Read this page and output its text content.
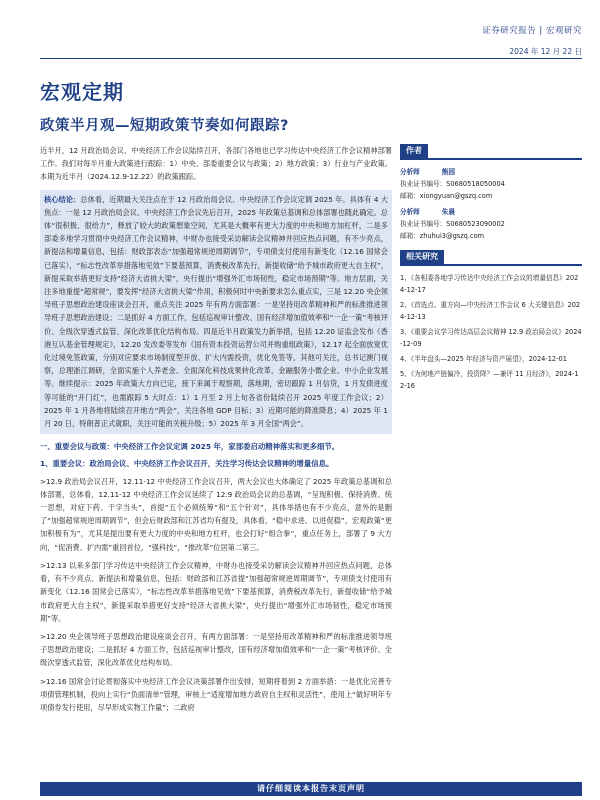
证券研究报告 | 宏观研究
2024 年 12 月 22 日
宏观定期
政策半月观—短期政策节奏如何跟踪?

近半月，12 月政治局会议、中央经济工作会议陆续召开，各部门各地也已学习传达中央经济工作会议精神部署工作。我们对每半月重大政策进行跟踪：1）中央、部委重要会议与政策；2）地方政策；3）行业与产业政策。本期为近半月（2024.12.9-12.22）的政策跟踪。

核心结论：总体看，近期最大关注点在于 12 月政治局会议、中央经济工作会议定调 2025 年。具体有 4 大焦点：一是 12 月政治局会议、中央经济工作会议先后召开，2025 年政策总基调和总体部署也随此确定。总体“很积极、很给力”，释放了较大的政策想象空间，尤其是大概率有更大力度的中央和地方加杠杆，二是多部委多地学习贯彻中央经济工作会议精神，中财办也接受采访解读会议精神并回应热点问题，有不少亮点，新提法和增量信息，包括：财政部表态“加强超常规逆周期调节”，专项债支付使用有新变化（12.16 国常会已落实），“标志性改革举措落地见效”下要基预算，消费税改革先行，新提收储“给予城市政府更大自主权”，新提采取举措更好支持“经济大省挑大梁”，央行提出“增强外汇市场韧性，稳定市场预期”等。地方层面，关注多地重提“超常规”，要发挥“经济大省挑大梁”作用，积极何时中央新要求怎么重点实，三是 12.20 央企领导班子思想政治建设座谈会召开，重点关注 2025 年有两方面部署：一是坚持用改革精神和严的标准推进领导班子思想政治建设；二是抓好 4 方面工作，包括巡视审计整改、国有经济增加值效率和“一企一策”考核评价、全级次穿透式监管、深化改革优化结构布局。四是近半月政策发力新举措，包括 12.20 证监会发布《香港互认基金管理规定》，12.20 发改委等发布《国有资本投资运营公司并购重组政策》，12.17 起全面放宽优化过境免签政策，分别对应要求市场制度型开放、扩大内需投资，优化免签等，其他可关注，总书记澳门视察，总理浙江调研，全面实施个人养老金、全面深化科技成果转化改革，金融服务小微企业、中小企业发展等。继续提示：2025 年政策大方向已定，接下来属于观察期，落地期，密切跟踪 1 月信贷，1 月发债进度等可能的“开门红”，也需跟踪 5 大时点：1）1 月至 2 月上旬各省份陆续召开 2025 年度工作会议；2）2025 年 1 月各地将陆续召开地方“两会”，关注各地 GDP 目标；3）近期可能的降准降息；4）2025 年 1 月 20 日，特朗普正式就职，关注可能的关税升级；5）2025 年 3 月全国“两会”。

一、重要会议与政策：中央经济工作会议定调 2025 年，家部委启动精神落实和更多细节。
1、重要会议：政治局会议、中央经济工作会议召开，关注学习传达会议精神的增量信息。

>12.9 政治局会议召开，12.11-12 中央经济工作会议召开，两大会议也大体确定了 2025 年政策总基调和总体部署，总体看，12.11-12 中央经济工作会议延续了 12.9 政治局会议的总基调，“呈现积极、保持消费、统一思想，对症下药、干字当头”，首提“五个必须统筹”和“五个针对”，具体举措也有不少亮点，意外的是删了“加强超常规逆周期调节”，但会后财政部和江苏省均有提及，具体看，“稳中求进、以进促稳”，宏观政策“更加积极有为”，尤其是提出要有更大力度的中央和地方杠杆，也会打好“组合拳”，重点任务上，部署了 9 大方向，“促消费、扩内需”重回首位，“强科技”，“推改革”位居第二第三。

>12.13 以来多部门学习传达中央经济工作会议精神，中财办也接受采访解读会议精神并回应热点问题，总体看，有不少亮点、新提法和增量信息，包括：财政部和江苏省提“加强超常规逆周期调节”，专项债支付使用有新变化（12.16 国常会已落实），“标志性改革举措落地见效”下要基预算，消费税改革先行，新提收储“给予城市政府更大自主权”，新提采取举措更好支持“经济大省挑大梁”，央行提出“增强外汇市场韧性，稳定市场预期”等。

>12.20 央企领导班子思想政治建设座谈会召开，有两方面部署：一是坚持用改革精神和严的标准推进领导班子思想政治建设；二是抓好 4 方面工作，包括巡视审计整改，国有经济增加值效率和“一企一策”考核评价、全级次穿透式监管，深化改革优化结构布局。

>12.16 国常会讨论贯彻落实中央经济工作会议决策部署作出安排，短期将着到 2 方面举措：一是优化完善专项债管理机制，投向上实行“负面清单”管理，审核上“适度增加地方政府自主权和灵活性”，使用上“做好明年专项债券发行使用，尽早形成实物工作量”；二政府

作者
分析师	熊园
执业证书编号：S0680518050004
邮箱：xiongyuan@gszq.com
分析师	朱晨
执业证书编号：S0680523090002
邮箱：zhuhui3@gszq.com
相关研究
1、《各相委各地学习传达中央经济工作会议的增量信息》2024-12-17
2、《首选点、重方向—中央经济工作会议 6 大关键信息》2024-12-13
3、《重要会议学习传达高层会议精神 12.9 政治局会议》2024-12-09
4、《半年盘头—2025 年经济与资产展望》，2024-12-01
5、《为何地产链偏冷，投资降？—兼评 11 月经济》，2024-12-16
请仔细阅读本报告末页声明
